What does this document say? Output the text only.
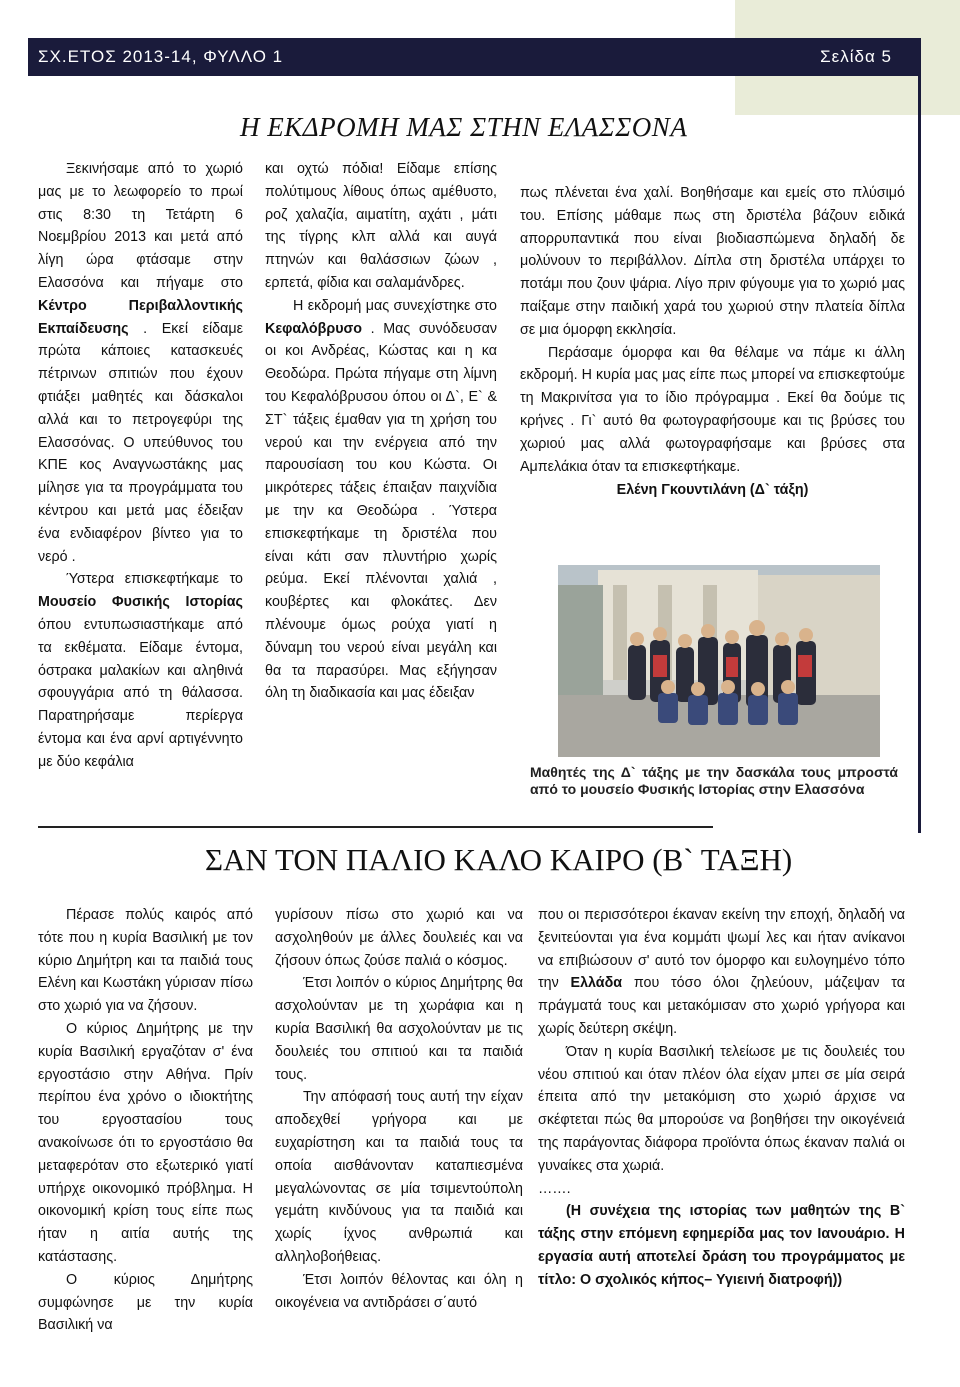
ΣΧ.ΕΤΟΣ 2013-14, ΦΥΛΛΟ 1	Σελίδα 5
Η ΕΚΔΡΟΜΗ ΜΑΣ ΣΤΗΝ ΕΛΑΣΣΟΝΑ

Ξεκινήσαμε από το χωριό μας με το λεωφορείο το πρωί στις 8:30 τη Τετάρτη 6 Νοεμβρίου 2013 και μετά από λίγη ώρα φτάσαμε στην Ελασσόνα και πήγαμε στο Κέντρο Περιβαλλοντικής Εκπαίδευσης . Εκεί είδαμε πρώτα κάποιες κατασκευές πέτρινων σπιτιών που έχουν φτιάξει μαθητές και δάσκαλοι αλλά και το πετρογεφύρι της Ελασσόνας. Ο υπεύθυνος του ΚΠΕ κος Αναγνωστάκης μας μίλησε για τα προγράμματα του κέντρου και μετά μας έδειξαν ένα ενδιαφέρον βίντεο για το νερό .

Ύστερα επισκεφτήκαμε το Μουσείο Φυσικής Ιστορίας όπου εντυπωσιαστήκαμε από τα εκθέματα. Είδαμε έντομα, όστρακα μαλακίων και αληθινά σφουγγάρια από τη θάλασσα. Παρατηρήσαμε περίεργα έντομα και ένα αρνί αρτιγέννητο με δύο κεφάλια

και οχτώ πόδια! Είδαμε επίσης πολύτιμους λίθους όπως αμέθυστο, ροζ χαλαζία, αιματίτη, αχάτι , μάτι της τίγρης κλπ αλλά και αυγά πτηνών και θαλάσσιων ζώων , ερπετά, φίδια και σαλαμάνδρες.

Η εκδρομή μας συνεχίστηκε στο Κεφαλόβρυσο . Μας συνόδευσαν οι κοι Ανδρέας, Κώστας και η κα Θεοδώρα. Πρώτα πήγαμε στη λίμνη του Κεφαλόβρυσου όπου οι Δ`, Ε` & ΣΤ` τάξεις έμαθαν για τη χρήση του νερού και την ενέργεια από την παρουσίαση του κου Κώστα. Οι μικρότερες τάξεις έπαιξαν παιχνίδια με την κα Θεοδώρα . Ύστερα επισκεφτήκαμε τη δριστέλα που είναι κάτι σαν πλυντήριο χωρίς ρεύμα. Εκεί πλένονται χαλιά , κουβέρτες και φλοκάτες. Δεν πλένουμε όμως ρούχα γιατί η δύναμη του νερού είναι μεγάλη και θα τα παρασύρει. Μας εξήγησαν όλη τη διαδικασία και μας έδειξαν

πως πλένεται ένα χαλί. Βοηθήσαμε και εμείς στο πλύσιμό του. Επίσης μάθαμε πως στη δριστέλα βάζουν ειδικά απορρυπαντικά που είναι βιοδιασπώμενα δηλαδή δε μολύνουν το περιβάλλον. Δίπλα στη δριστέλα υπάρχει το ποτάμι που ζουν ψάρια. Λίγο πριν φύγουμε για το χωριό μας παίξαμε στην παιδική χαρά του χωριού στην πλατεία δίπλα σε μια όμορφη εκκλησία.

Περάσαμε όμορφα και θα θέλαμε να πάμε κι άλλη εκδρομή. Η κυρία μας μας είπε πως μπορεί να επισκεφτούμε τη Μακρινίτσα για το ίδιο πρόγραμμα . Εκεί θα δούμε τις κρήνες . Γι` αυτό θα φωτογραφήσουμε και τις βρύσες του χωριού μας αλλά φωτογραφήσαμε και βρύσες στα Αμπελάκια όταν τα επισκεφτήκαμε.

Ελένη Γκουντιλάνη (Δ` τάξη)

Μαθητές της Δ` τάξης με την δασκάλα τους μπροστά από το μουσείο Φυσικής Ιστορίας στην Ελασσόνα
ΣΑΝ ΤΟΝ ΠΑΛΙΟ ΚΑΛΟ ΚΑΙΡΟ (Β` ΤΑΞΗ)

Πέρασε πολύς καιρός από τότε που η κυρία Βασιλική με τον κύριο Δημήτρη και τα παιδιά τους Ελένη και Κωστάκη γύρισαν πίσω στο χωριό για να ζήσουν.

Ο κύριος Δημήτρης με την κυρία Βασιλική εργαζόταν σ' ένα εργοστάσιο στην Αθήνα. Πρίν περίπου ένα χρόνο ο ιδιοκτήτης του εργοστασίου τους ανακοίνωσε ότι το εργοστάσιο θα μεταφερόταν στο εξωτερικό γιατί υπήρχε οικονομικό πρόβλημα. Η οικονομική κρίση τους είπε πως ήταν η αιτία αυτής της κατάστασης.

Ο κύριος Δημήτρης συμφώνησε με την κυρία Βασιλική να

γυρίσουν πίσω στο χωριό και να ασχοληθούν με άλλες δουλειές και να ζήσουν όπως ζούσε παλιά ο κόσμος.

Έτσι λοιπόν ο κύριος Δημήτρης θα ασχολούνταν με τη χωράφια και η κυρία Βασιλική θα ασχολούνταν με τις δουλειές του σπιτιού και τα παιδιά τους.

Την απόφασή τους αυτή την είχαν αποδεχθεί γρήγορα και με ευχαρίστηση και τα παιδιά τους τα οποία αισθάνονταν καταπιεσμένα μεγαλώνοντας σε μία τσιμεντούπολη γεμάτη κινδύνους για τα παιδιά και χωρίς ίχνος ανθρωπιά και αλληλοβοήθειας.

Έτσι λοιπόν θέλοντας και όλη η οικογένεια να αντιδράσει σ΄αυτό

που οι περισσότεροι έκαναν εκείνη την εποχή, δηλαδή να ξενιτεύονται για ένα κομμάτι ψωμί λες και ήταν ανίκανοι να επιβιώσουν σ' αυτό τον όμορφο και ευλογημένο τόπο την Ελλάδα που τόσο όλοι ζηλεύουν, μάζεψαν τα πράγματά τους και μετακόμισαν στο χωριό γρήγορα και χωρίς δεύτερη σκέψη.

Όταν η κυρία Βασιλική τελείωσε με τις δουλειές του νέου σπιτιού και όταν πλέον όλα είχαν μπει σε μία σειρά έπειτα από την μετακόμιση στο χωριό άρχισε να σκέφτεται πώς θα μπορούσε να βοηθήσει την οικογένειά της παράγοντας διάφορα προϊόντα όπως έκαναν παλιά οι γυναίκες στα χωριά.

…….

(Η συνέχεια της ιστορίας των μαθητών της Β` τάξης στην επόμενη εφημερίδα μας τον Ιανουάριο. Η εργασία αυτή αποτελεί δράση του προγράμματος με τίτλο: Ο σχολικός κήπος– Υγιεινή διατροφή))
